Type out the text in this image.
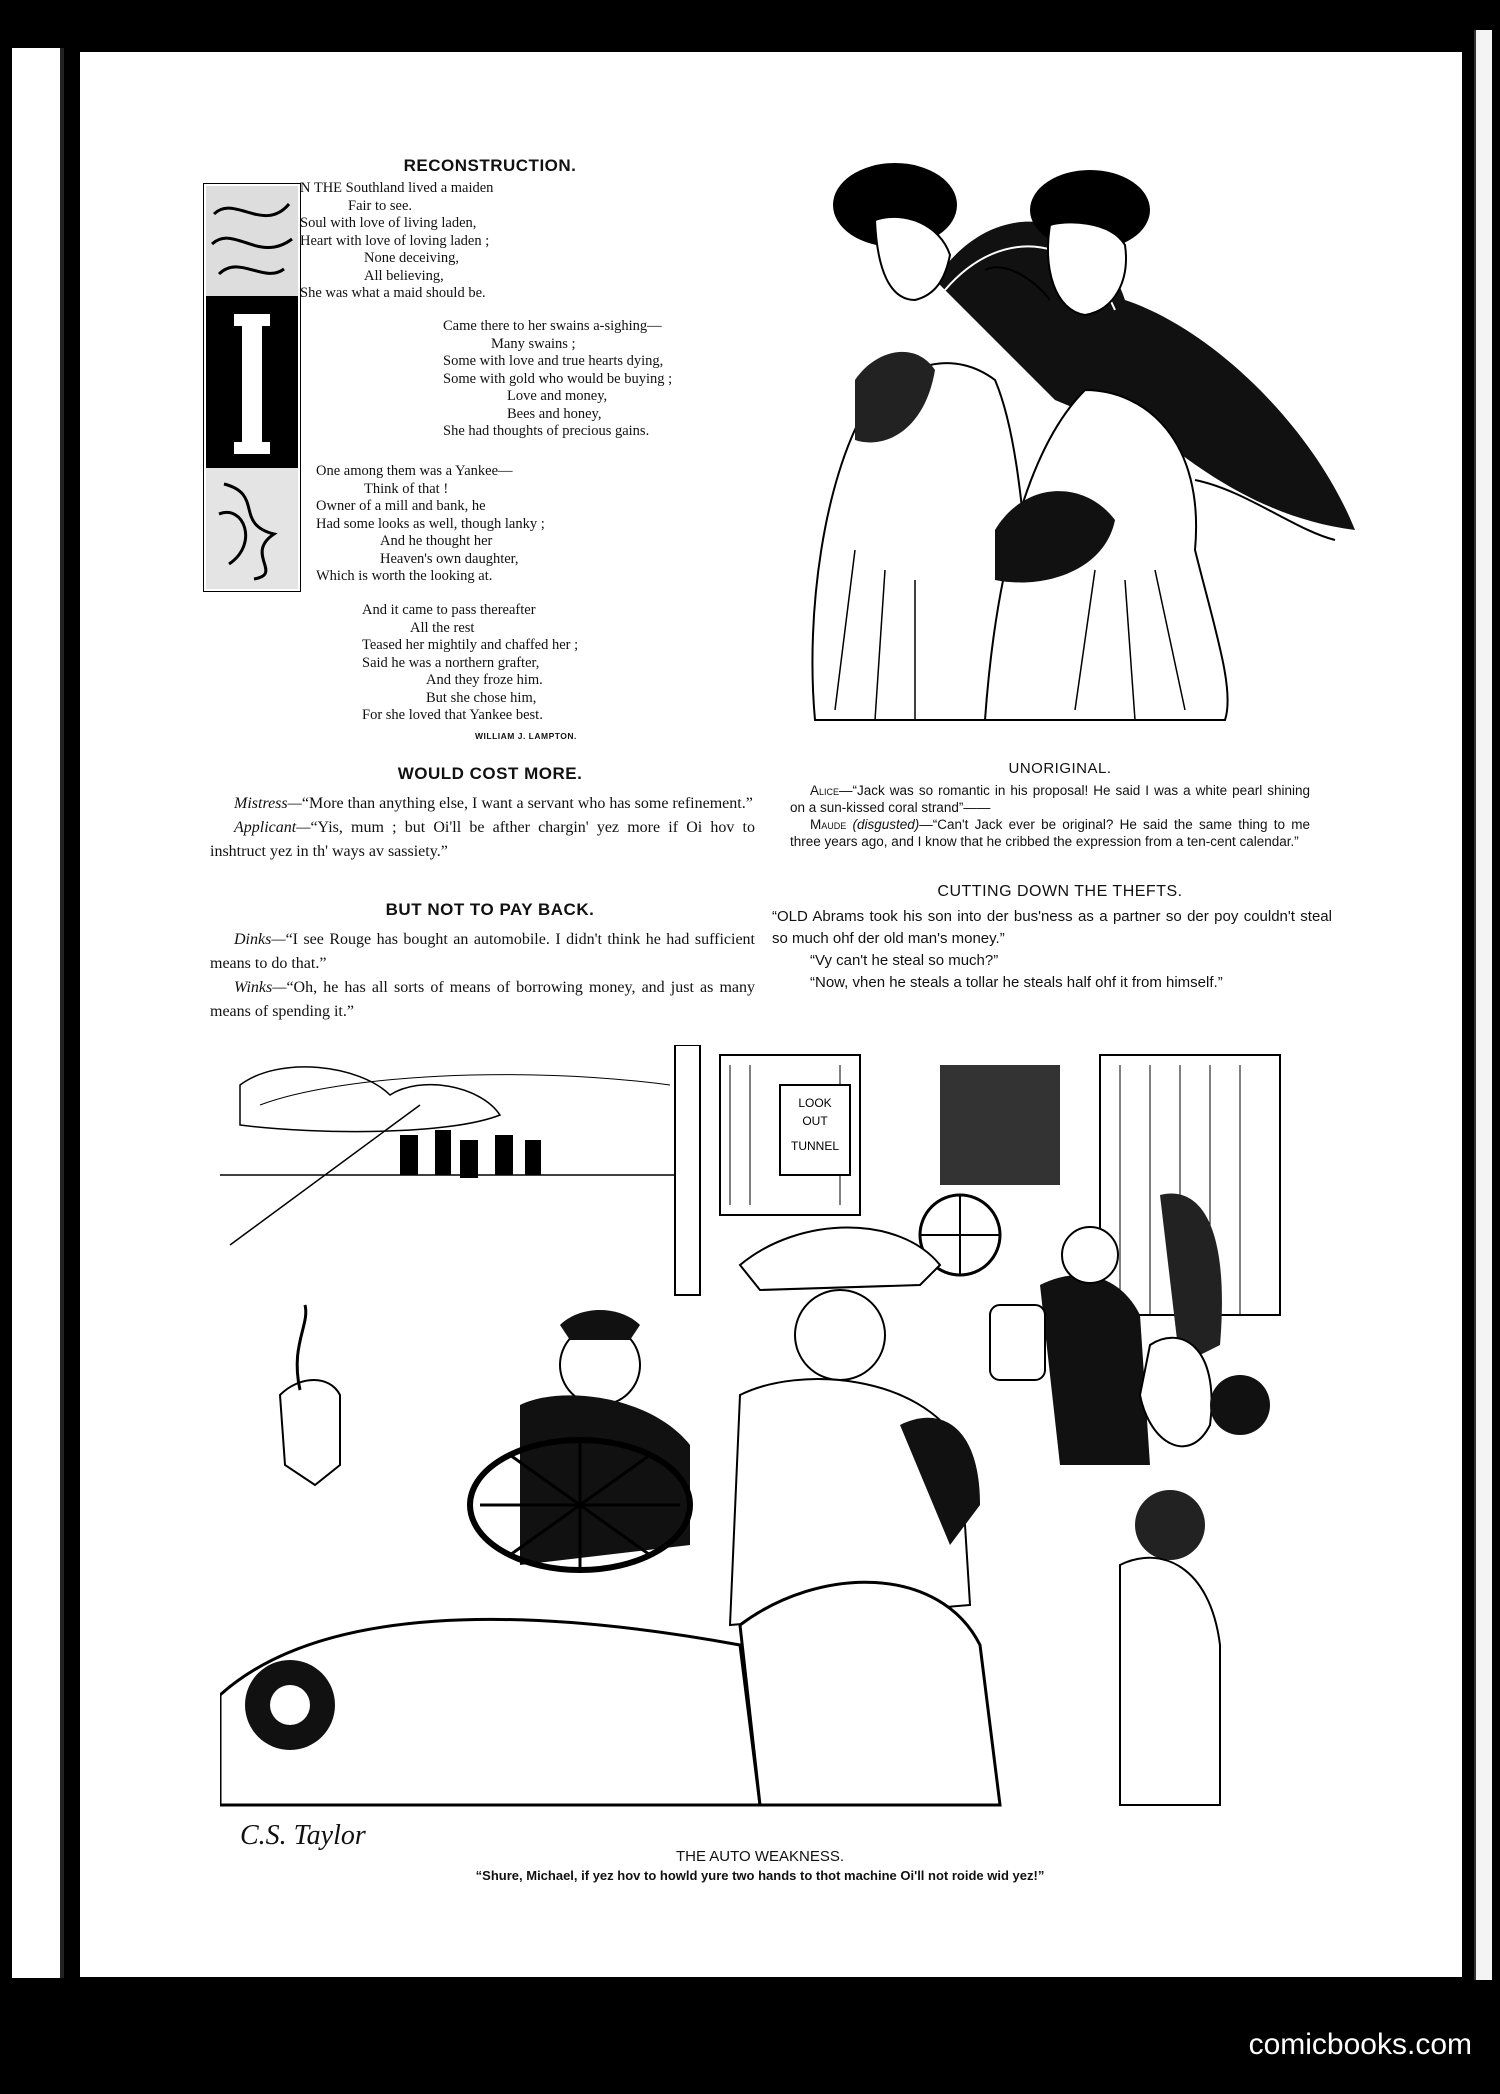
RECONSTRUCTION.
N THE Southland lived a maiden
Fair to see.
Soul with love of living laden,
Heart with love of loving laden ;
None deceiving,
All believing,
She was what a maid should be.
Came there to her swains a-sighing—
Many swains ;
Some with love and true hearts dying,
Some with gold who would be buying ;
Love and money,
Bees and honey,
She had thoughts of precious gains.
One among them was a Yankee—
Think of that !
Owner of a mill and bank, he
Had some looks as well, though lanky ;
And he thought her
Heaven's own daughter,
Which is worth the looking at.
And it came to pass thereafter
All the rest
Teased her mightily and chaffed her ;
Said he was a northern grafter,
And they froze him.
But she chose him,
For she loved that Yankee best.
WILLIAM J. LAMPTON.
WOULD COST MORE.

Mistress—“More than anything else, I want a servant who has some refinement.”

Applicant—“Yis, mum ; but Oi'll be afther chargin' yez more if Oi hov to inshtruct yez in th' ways av sassiety.”

BUT NOT TO PAY BACK.

Dinks—“I see Rouge has bought an automobile. I didn't think he had sufficient means to do that.”

Winks—“Oh, he has all sorts of means of borrowing money, and just as many means of spending it.”

UNORIGINAL.
Alice—“Jack was so romantic in his proposal! He said I was a white pearl shining on a sun-kissed coral strand”——
Maude (disgusted)—“Can't Jack ever be original? He said the same thing to me three years ago, and I know that he cribbed the expression from a ten-cent calendar.”
CUTTING DOWN THE THEFTS.
“OLD Abrams took his son into der bus'ness as a partner so der poy couldn't steal so much ohf der old man's money.”
“Vy can't he steal so much?”
“Now, vhen he steals a tollar he steals half ohf it from himself.”
LOOK
OUT
TUNNEL
C.S. Taylor
THE AUTO WEAKNESS.
“Shure, Michael, if yez hov to howld yure two hands to thot machine Oi'll not roide wid yez!”
comicbooks.com
